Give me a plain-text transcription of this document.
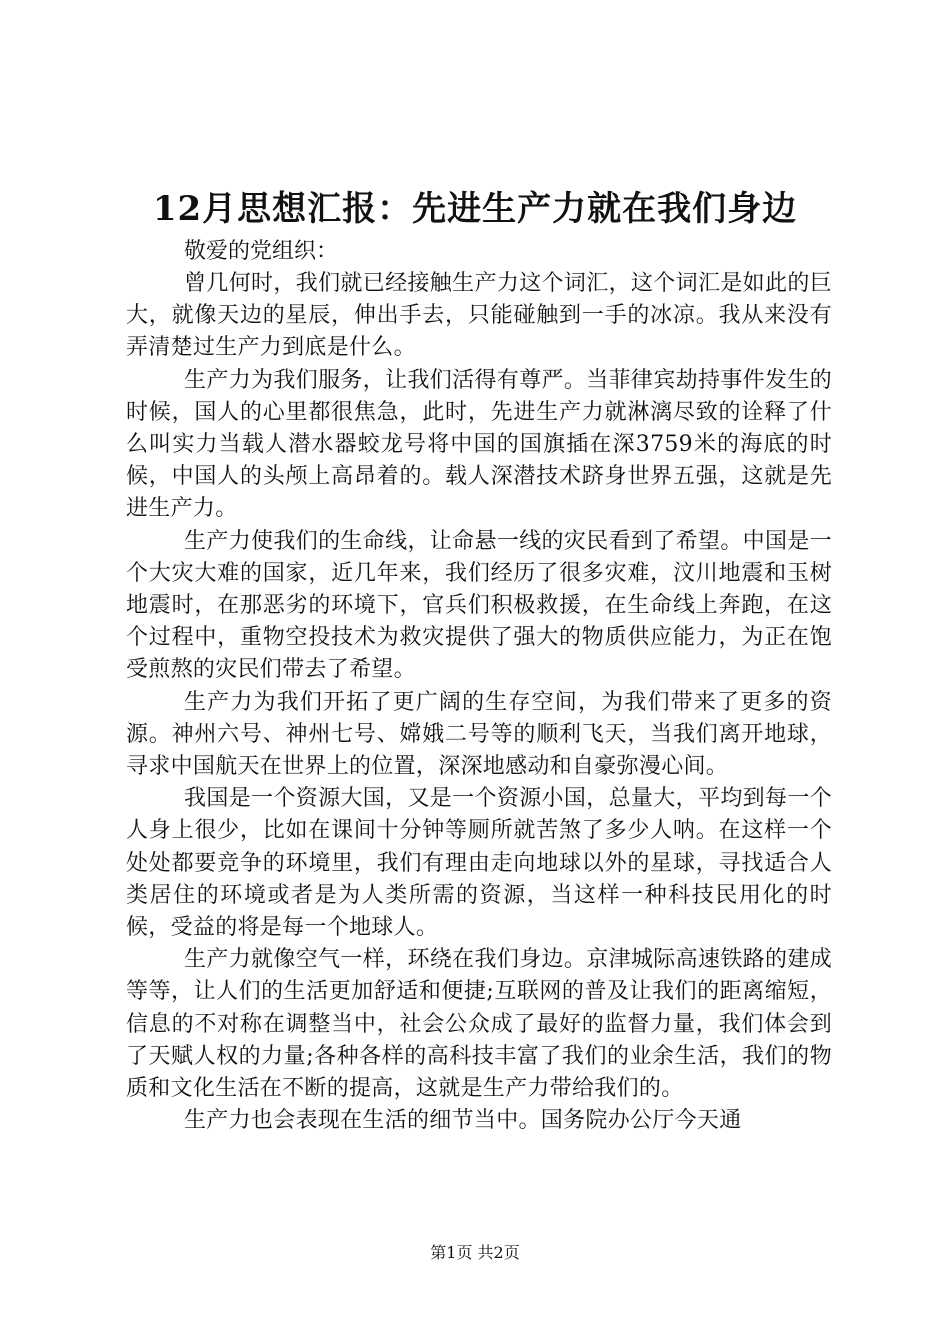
12月思想汇报：先进生产力就在我们身边

敬爱的党组织：

曾几何时，我们就已经接触生产力这个词汇，这个词汇是如此的巨大，就像天边的星辰，伸出手去，只能碰触到一手的冰凉。我从来没有弄清楚过生产力到底是什么。

生产力为我们服务，让我们活得有尊严。当菲律宾劫持事件发生的时候，国人的心里都很焦急，此时，先进生产力就淋漓尽致的诠释了什么叫实力当载人潜水器蛟龙号将中国的国旗插在深3759米的海底的时候，中国人的头颅上高昂着的。载人深潜技术跻身世界五强，这就是先进生产力。

生产力使我们的生命线，让命悬一线的灾民看到了希望。中国是一个大灾大难的国家，近几年来，我们经历了很多灾难，汶川地震和玉树地震时，在那恶劣的环境下，官兵们积极救援，在生命线上奔跑，在这个过程中，重物空投技术为救灾提供了强大的物质供应能力，为正在饱受煎熬的灾民们带去了希望。

生产力为我们开拓了更广阔的生存空间，为我们带来了更多的资源。神州六号、神州七号、嫦娥二号等的顺利飞天，当我们离开地球，寻求中国航天在世界上的位置，深深地感动和自豪弥漫心间。

我国是一个资源大国，又是一个资源小国，总量大，平均到每一个人身上很少，比如在课间十分钟等厕所就苦煞了多少人呐。在这样一个处处都要竞争的环境里，我们有理由走向地球以外的星球，寻找适合人类居住的环境或者是为人类所需的资源，当这样一种科技民用化的时候，受益的将是每一个地球人。

生产力就像空气一样，环绕在我们身边。京津城际高速铁路的建成等等，让人们的生活更加舒适和便捷;互联网的普及让我们的距离缩短，信息的不对称在调整当中，社会公众成了最好的监督力量，我们体会到了天赋人权的力量;各种各样的高科技丰富了我们的业余生活，我们的物质和文化生活在不断的提高，这就是生产力带给我们的。

生产力也会表现在生活的细节当中。国务院办公厅今天通

第1页 共2页
